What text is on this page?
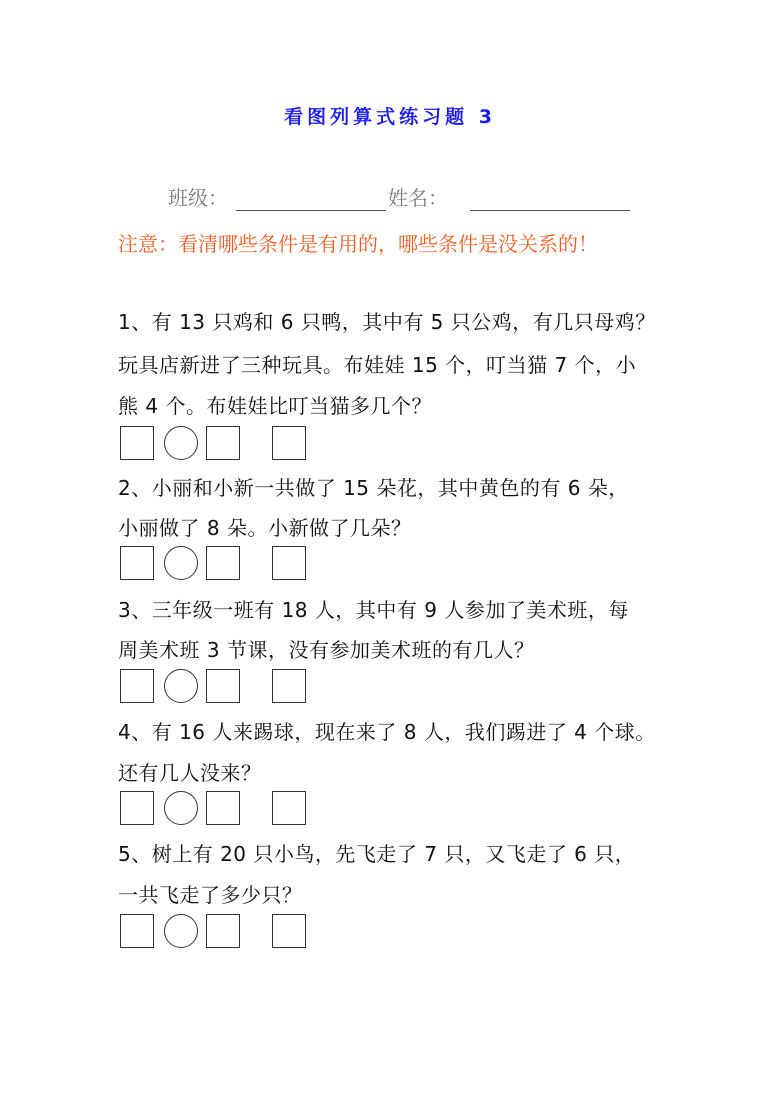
看图列算式练习题 3
班级：	姓名：
注意：看清哪些条件是有用的，哪些条件是没关系的！
1、有 13 只鸡和 6 只鸭，其中有 5 只公鸡，有几只母鸡？
玩具店新进了三种玩具。布娃娃 15 个，叮当猫 7 个，小
熊 4 个。布娃娃比叮当猫多几个？
2、小丽和小新一共做了 15 朵花，其中黄色的有 6 朵，
小丽做了 8 朵。小新做了几朵？
3、三年级一班有 18 人，其中有 9 人参加了美术班，每
周美术班 3 节课，没有参加美术班的有几人？
4、有 16 人来踢球，现在来了 8 人，我们踢进了 4 个球。
还有几人没来？
5、树上有 20 只小鸟，先飞走了 7 只，又飞走了 6 只，
一共飞走了多少只？
